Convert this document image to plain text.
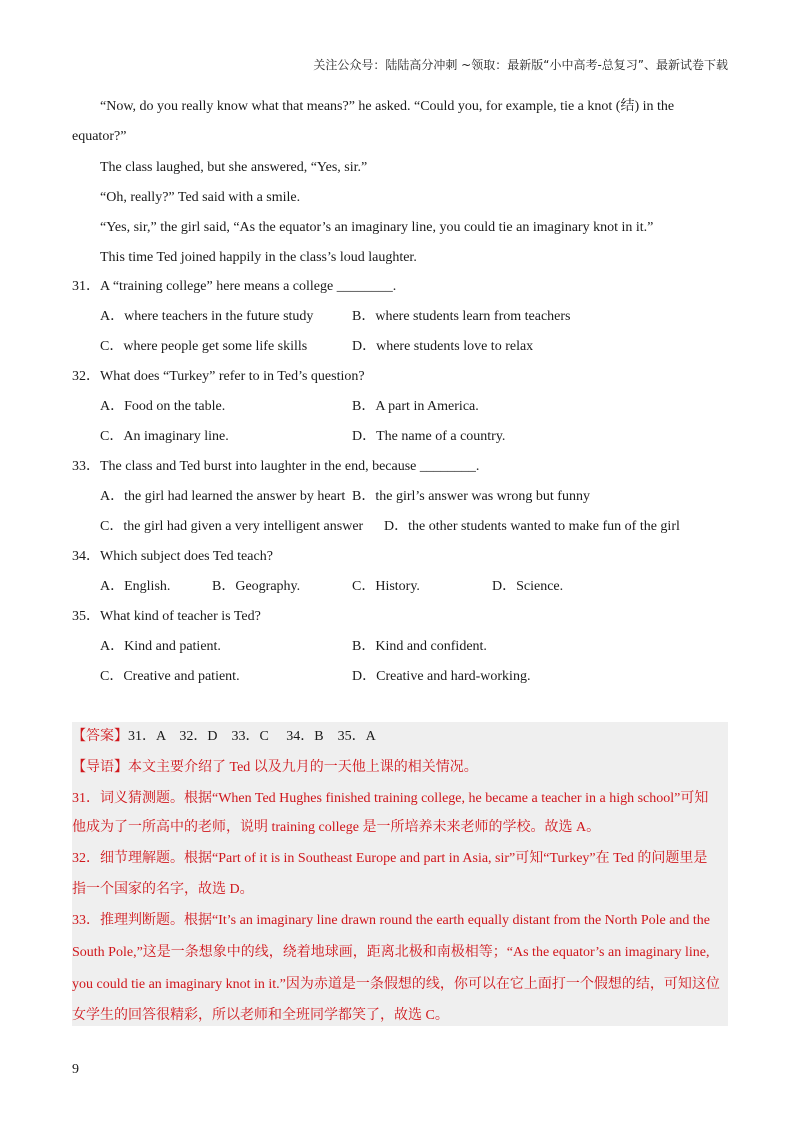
关注公众号：陆陆高分冲刺 ~领取：最新版“小中高考-总复习”、最新试卷下载
“Now, do you really know what that means?” he asked. “Could you, for example, tie a knot (结) in the equator?”
The class laughed, but she answered, “Yes, sir.”
“Oh, really?” Ted said with a smile.
“Yes, sir,” the girl said, “As the equator’s an imaginary line, you could tie an imaginary knot in it.”
This time Ted joined happily in the class’s loud laughter.
31．A “training college” here means a college ________.
A．where teachers in the future study	B．where students learn from teachers
C．where people get some life skills	D．where students love to relax
32．What does “Turkey” refer to in Ted’s question?
A．Food on the table.	B．A part in America.
C．An imaginary line.	D．The name of a country.
33．The class and Ted burst into laughter in the end, because ________.
A．the girl had learned the answer by heart B．the girl’s answer was wrong but funny
C．the girl had given a very intelligent answer D．the other students wanted to make fun of the girl
34．Which subject does Ted teach?
A．English.	B．Geography.	C．History.	D．Science.
35．What kind of teacher is Ted?
A．Kind and patient.	B．Kind and confident.
C．Creative and patient.	D．Creative and hard-working.
【答案】31．A    32．D    33．C     34．B    35．A
【导语】本文主要介绍了 Ted 以及九月的一天他上课的相关情况。
31．词义猜测题。根据“When Ted Hughes finished training college, he became a teacher in a high school”可知
他成为了一所高中的老师，说明 training college 是一所培养未来老师的学校。故选 A。
32．细节理解题。根据“Part of it is in Southeast Europe and part in Asia, sir”可知“Turkey”在 Ted 的问题里是
指一个国家的名字，故选 D。
33．推理判断题。根据“It’s an imaginary line drawn round the earth equally distant from the North Pole and the
South Pole,”这是一条想象中的线，绕着地球画，距离北极和南极相等；“As the equator’s an imaginary line,
you could tie an imaginary knot in it.”因为赤道是一条假想的线，你可以在它上面打一个假想的结，可知这位
女学生的回答很精彩，所以老师和全班同学都笑了，故选 C。
9
